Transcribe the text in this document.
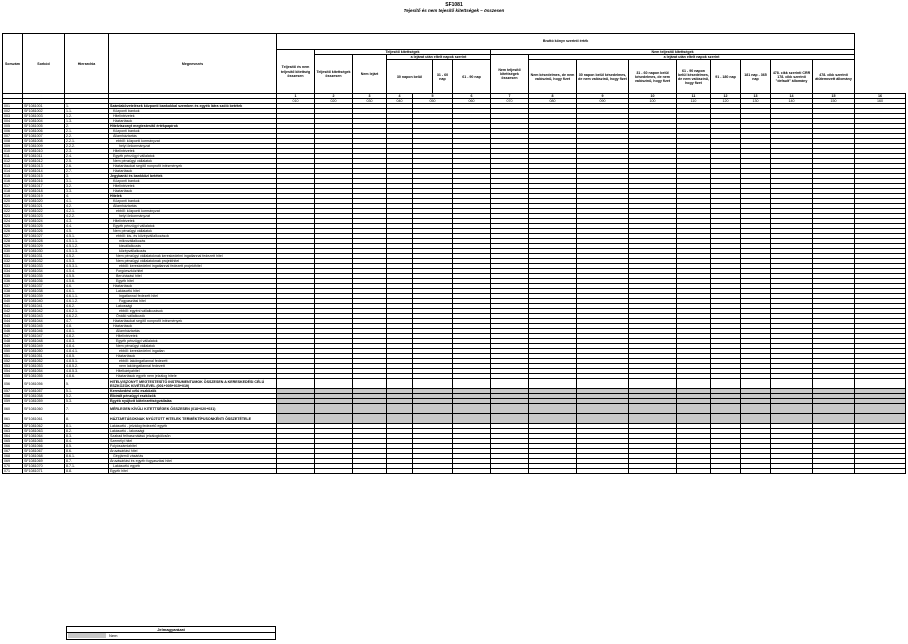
SF1081
Tejesítő és nem tejesítő kitettségek – összesen
Sorszám	Sorkód	Hierarchia	Megnevezés	Bruttó könyv szerinti érték																
				Teljesítő és nem teljesítő kitettség összesen	Teljesítő kitettségek						Nem teljesítő kitettségek									
					Teljesítő kitettségek összesen	Nem lejárt	a lejárat után eltelt napok szerint				Nem teljesítő kitettségek összesen	a lejárat után eltelt napok szerint								
							30 napon belül		31 - 60 nap	61 - 90 nap		Nem késedelmes, de nem valószínű, hogy fizet	30 napon belül késedelmes, de nem valószínű, hogy fizet	31 - 60 napon belül késedelmes, de nem valószínű, hogy fizet	61 - 90 napon belül késedelmes, de nem valószínű, hogy fizet	91 - 180 nap	181 nap - 365 nap	478. cikk szerinti CRR 178. cikk szerinti "default" állomány	478. cikk szerinti átütemezett állomány	
				1	2	3	4	5		6	7	8	9	10	11	12	13	14	15	16
				010	020	030	040	050		060	070	080	090	100	110	120	130	140	150	160
001	SF1081001	1.	Számlakövetelések központi bankokkal szemben és egyéb látra szóló betétek																	
002	SF1081002	1.1.	Központi bankok																	
003	SF1081003	1.2.	Hitelintézetek																	
004	SF1081004	1.3.	Háztartások																	
005	SF1081005	2.	Hitelviszonyt megtestesítő értékpapírok																	
006	SF1081006	2.1.	Központi bankok																	
007	SF1081007	2.2.	Államháztartás																	
008	SF1081008	2.2.1.	ebből: központi kormányzat																	
009	SF1081009	2.2.2.	helyi önkormányzat																	
010	SF1081010	2.3.	Hitelintézetek																	
011	SF1081011	2.4.	Egyéb pénzügyi vállalatok																	
012	SF1081012	2.5.	Nem pénzügyi vállalatok																	
013	SF1081013	2.6.	Háztartásokat segítő nonprofit intézmények																	
014	SF1081014	2.7.	Háztartások																	
015	SF1081015	3.	Jegybanki és bankközi betétek																	
016	SF1081016	3.1.	Központi bankok																	
017	SF1081017	3.2.	Hitelintézetek																	
018	SF1081018	3.3.	Háztartások																	
019	SF1081019	4.	Hitelek																	
020	SF1081020	4.1.	Központi bankok																	
021	SF1081021	4.2.	Államháztartás																	
022	SF1081022	4.2.1.	ebből: központi kormányzat																	
023	SF1081023	4.2.2.	helyi önkormányzat																	
024	SF1081024	4.3.	Hitelintézetek																	
025	SF1081025	4.4.	Egyéb pénzügyi vállalatok																	
026	SF1081026	4.5.	Nem pénzügyi vállalatok																	
027	SF1081027	4.5.1.	ebből: kis- és középvállalkozások																	
028	SF1081028	4.5.1.1.	mikrovállalkozás																	
029	SF1081029	4.5.1.2.	kisvállalkozás																	
030	SF1081030	4.5.1.3.	középvállalkozás																	
031	SF1081031	4.5.2.	Nem pénzügyi vállalatoknak kereskedelmi ingatlannal fedezett hitel																	
032	SF1081032	4.5.3.	Nem pénzügyi vállalatoknak projekthitel																	
033	SF1081033	4.5.3.1.	ebből: kereskedelmi ingatlannal fedezett projekthitel																	
034	SF1081034	4.5.4.	Forgóeszközhitel																	
035	SF1081035	4.5.5.	Beruházási hitel																	
036	SF1081036	4.5.6.	Egyéb hitel																	
037	SF1081037	4.6.	Háztartások																	
038	SF1081038	4.6.1.	Lakáscélú hitel																	
039	SF1081039	4.6.1.1.	Ingatlannal fedezett hitel																	
040	SF1081040	4.6.1.2.	Fogyasztási hitel																	
041	SF1081041	4.6.2.	Lakossági																	
042	SF1081042	4.6.2.1.	ebből: egyéni vállalkozások																	
043	SF1081043	4.6.2.2.	Önálló vállalkozók																	
044	SF1081044	4.7.	Háztartásokat segítő nonprofit intézmények																	
045	SF1081045	4.8.	Háztartások																	
046	SF1081046	4.8.1.	Államháztartás																	
047	SF1081047	4.8.2.	Hitelintézetek																	
048	SF1081048	4.8.3.	Egyéb pénzügyi vállalatok																	
049	SF1081049	4.8.4.	Nem pénzügyi vállalatok																	
050	SF1081050	4.8.4.1.	ebből: kereskedelmi ingatlan																	
051	SF1081051	4.8.5.	Háztartások																	
052	SF1081052	4.8.5.1.	ebből: lakóingatlannal fedezett																	
053	SF1081053	4.8.5.2.	nem lakóingatlannal fedezett																	
054	SF1081054	4.8.5.3.	Hitelkártyahitel																	
055	SF1081055	4.8.6.	Háztartások egyéb nem jelzálog hitele																	
056	SF1081056	5.	HITELVISZONYT MEGTESTESÍTŐ INSTRUMENTUMOK ÖSSZESEN A KERESKEDÉSI CÉLÚ ESZKÖZÖK KIVÉTELÉVEL (001+005+015+019)																	
057	SF1081057	5.1.	Kereskedési célú eszközök																	
058	SF1081058	5.2.	Elbírált pénzügyi eszközök																	
059	SF1081059	5.3.	Egyéb nyújtott kötelezettségvállalás																	
060	SF1081060	7.	MÉRLEGEN KÍVÜLI KITETTSÉGEK ÖSSZESEN (018+020+031)																	
061	SF1081061	8.	HÁZTARTÁSOKNAK NYÚJTOTT HITELEK TERMÉKTÍPUSONKÉNTI ÖSSZETÉTELE																	
062	SF1081062	8.1.	Lakáscélú - jelzálog fedezetű egyéb																	
063	SF1081063	8.2.	Lakáscélú - lakossági																	
064	SF1081064	8.3.	Szabad felhasználású jelzálogkölcsön																	
065	SF1081065	8.4.	Személyi hitel																	
066	SF1081066	8.5.	Folyószámlahitel																	
067	SF1081067	8.6.	Áruvásárlási hitel																	
068	SF1081068	8.6.1.	Gépjármű vásárlás																	
069	SF1081069	8.7.	Áruvásárlási és egyéb fogyasztási hitel																	
070	SF1081070	8.7.1.	Lakáscélú egyéb																	
071	SF1081071	8.8.	Egyéb hitel																	
Jelmagyarázat
Nem
